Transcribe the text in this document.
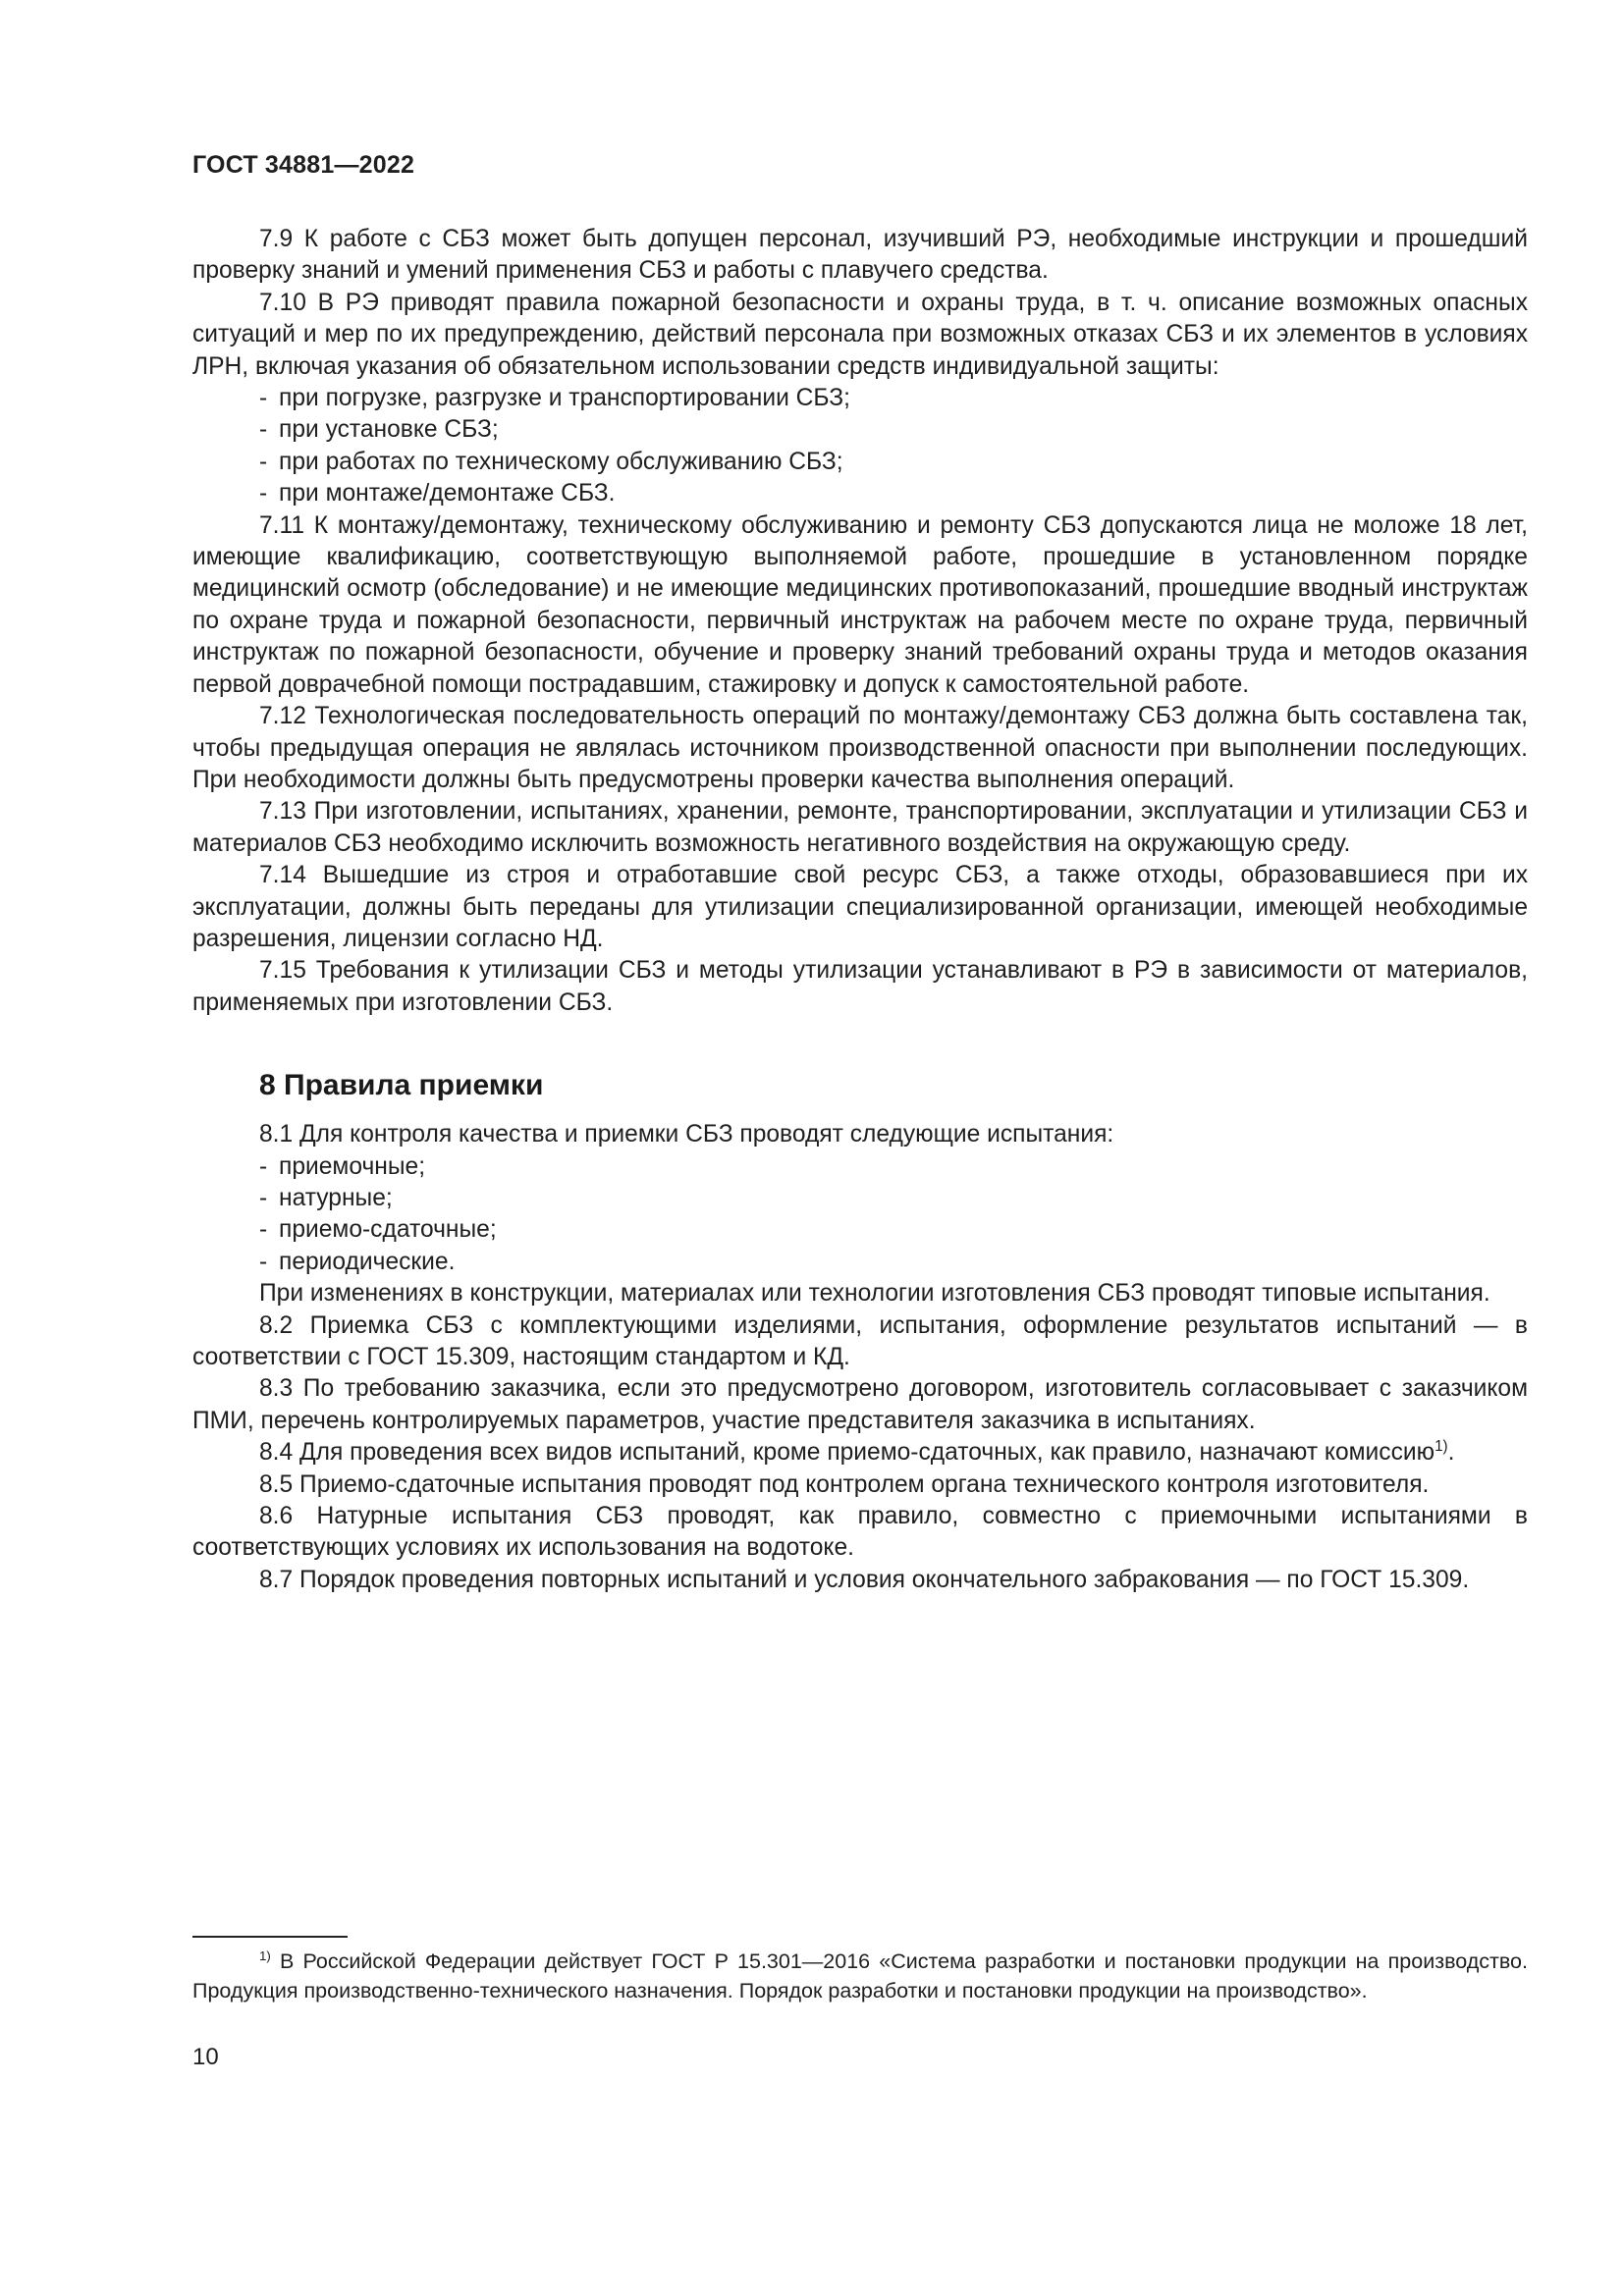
ГОСТ 34881—2022

7.9 К работе с СБЗ может быть допущен персонал, изучивший РЭ, необходимые инструкции и прошедший проверку знаний и умений применения СБЗ и работы с плавучего средства.

7.10 В РЭ приводят правила пожарной безопасности и охраны труда, в т. ч. описание возможных опасных ситуаций и мер по их предупреждению, действий персонала при возможных отказах СБЗ и их элементов в условиях ЛРН, включая указания об обязательном использовании средств индивидуальной защиты:

- при погрузке, разгрузке и транспортировании СБЗ;
- при установке СБЗ;
- при работах по техническому обслуживанию СБЗ;
- при монтаже/демонтаже СБЗ.

7.11 К монтажу/демонтажу, техническому обслуживанию и ремонту СБЗ допускаются лица не моложе 18 лет, имеющие квалификацию, соответствующую выполняемой работе, прошедшие в установленном порядке медицинский осмотр (обследование) и не имеющие медицинских противопоказаний, прошедшие вводный инструктаж по охране труда и пожарной безопасности, первичный инструктаж на рабочем месте по охране труда, первичный инструктаж по пожарной безопасности, обучение и проверку знаний требований охраны труда и методов оказания первой доврачебной помощи пострадавшим, стажировку и допуск к самостоятельной работе.

7.12 Технологическая последовательность операций по монтажу/демонтажу СБЗ должна быть составлена так, чтобы предыдущая операция не являлась источником производственной опасности при выполнении последующих. При необходимости должны быть предусмотрены проверки качества выполнения операций.

7.13 При изготовлении, испытаниях, хранении, ремонте, транспортировании, эксплуатации и утилизации СБЗ и материалов СБЗ необходимо исключить возможность негативного воздействия на окружающую среду.

7.14 Вышедшие из строя и отработавшие свой ресурс СБЗ, а также отходы, образовавшиеся при их эксплуатации, должны быть переданы для утилизации специализированной организации, имеющей необходимые разрешения, лицензии согласно НД.

7.15 Требования к утилизации СБЗ и методы утилизации устанавливают в РЭ в зависимости от материалов, применяемых при изготовлении СБЗ.

8 Правила приемки

8.1 Для контроля качества и приемки СБЗ проводят следующие испытания:

- приемочные;
- натурные;
- приемо-сдаточные;
- периодические.

При изменениях в конструкции, материалах или технологии изготовления СБЗ проводят типовые испытания.

8.2 Приемка СБЗ с комплектующими изделиями, испытания, оформление результатов испытаний — в соответствии с ГОСТ 15.309, настоящим стандартом и КД.

8.3 По требованию заказчика, если это предусмотрено договором, изготовитель согласовывает с заказчиком ПМИ, перечень контролируемых параметров, участие представителя заказчика в испытаниях.

8.4 Для проведения всех видов испытаний, кроме приемо-сдаточных, как правило, назначают комиссию$^{1)}$.

8.5 Приемо-сдаточные испытания проводят под контролем органа технического контроля изготовителя.

8.6 Натурные испытания СБЗ проводят, как правило, совместно с приемочными испытаниями в соответствующих условиях их использования на водотоке.

8.7 Порядок проведения повторных испытаний и условия окончательного забракования — по ГОСТ 15.309.

$^{1)}$ В Российской Федерации действует ГОСТ Р 15.301—2016 «Система разработки и постановки продукции на производство. Продукция производственно-технического назначения. Порядок разработки и постановки продукции на производство».

10
